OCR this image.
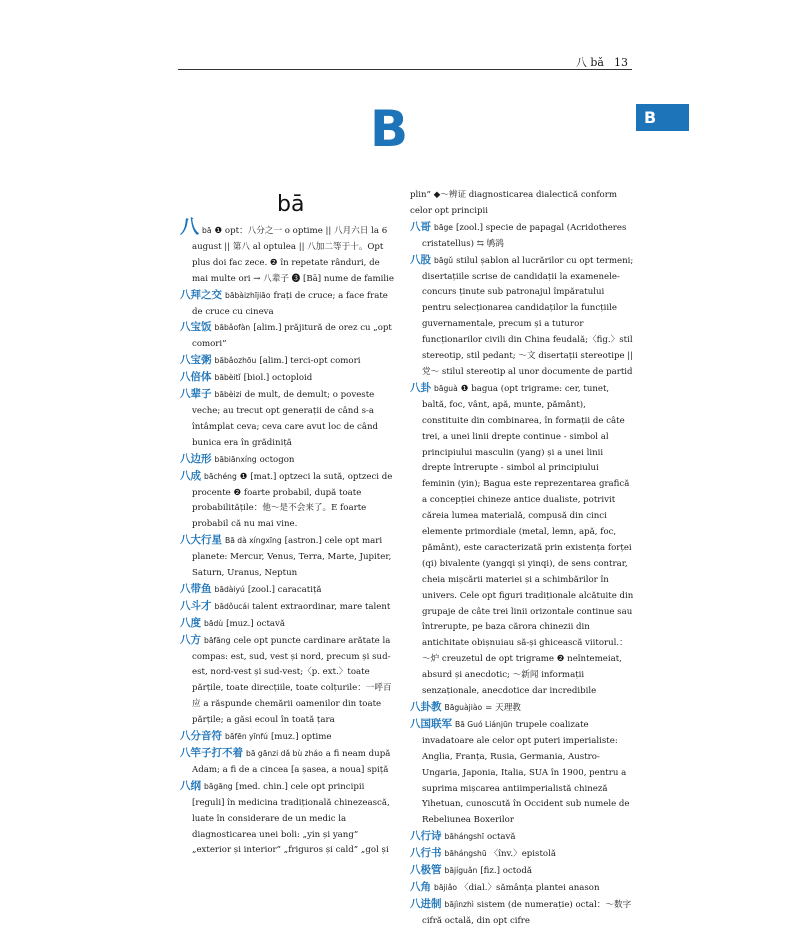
八 bǎ 13
B
B
bā

八bā ❶ opt：八分之一 o optime || 八月六日 la 6 august || 第八 al optulea || 八加二等于十。Opt plus doi fac zece. ❷ în repetate rânduri, de mai multe ori → 八辈子 ❸ [Bā] nume de familie

八拜之交 bābàizhījiāo frați de cruce; a face frate de cruce cu cineva

八宝饭 bābǎofàn [alim.] prăjitură de orez cu „opt comori”

八宝粥 bābǎozhōu [alim.] terci-opt comori

八倍体 bābèitǐ [biol.] octoploid

八辈子 bābèizi de mult, de demult; o poveste veche; au trecut opt generații de când s-a întâmplat ceva; ceva care avut loc de când bunica era în grădiniță

八边形 bābiānxíng octogon

八成 bāchéng ❶ [mat.] optzeci la sută, optzeci de procente ❷ foarte probabil, după toate probabilitățile：他～是不会来了。E foarte probabil că nu mai vine.

八大行星 Bā dà xíngxīng [astron.] cele opt mari planete: Mercur, Venus, Terra, Marte, Jupiter, Saturn, Uranus, Neptun

八带鱼 bādàiyú [zool.] caracatiță

八斗才 bādǒucái talent extraordinar, mare talent

八度 bādù [muz.] octavă

八方 bāfāng cele opt puncte cardinare arătate la compas: est, sud, vest și nord, precum și sud-est, nord-vest și sud-vest;〈p. ext.〉toate părțile, toate direcțiile, toate colțurile：一呼百应 a răspunde chemării oamenilor din toate părțile; a găsi ecoul în toată țara

八分音符 bāfēn yīnfú [muz.] optime

八竿子打不着 bā gānzi dǎ bù zháo a fi neam după Adam; a fi de a cincea [a șasea, a noua] spiță

八纲 bāgāng [med. chin.] cele opt principii [reguli] în medicina tradițională chinezească, luate în considerare de un medic la diagnosticarea unei boli: „yin și yang” „exterior și interior” „friguros și cald” „gol și

plin” ◆～辨证 diagnosticarea dialectică conform celor opt principii

八哥 bāge [zool.] specie de papagal (Acridotheres cristatellus) ⇆ 鸲鹆

八股 bāgǔ stilul șablon al lucrărilor cu opt termeni; disertațiile scrise de candidații la examenele-concurs ținute sub patronajul împăratului pentru selecționarea candidaților la funcțiile guvernamentale, precum și a tuturor funcționarilor civili din China feudală;〈fig.〉stil stereotip, stil pedant; ～文 disertații stereotipe || 党～ stilul stereotip al unor documente de partid

八卦 bāguà ❶ bagua (opt trigrame: cer, tunet, baltă, foc, vânt, apă, munte, pământ), constituite din combinarea, în formații de câte trei, a unei linii drepte continue - simbol al principiului masculin (yang) și a unei linii drepte întrerupte - simbol al principiului feminin (yin); Bagua este reprezentarea grafică a concepției chineze antice dualiste, potrivit căreia lumea materială, compusă din cinci elemente primordiale (metal, lemn, apă, foc, pământ), este caracterizată prin existența forței (qi) bivalente (yangqi și yinqi), de sens contrar, cheia mișcării materiei și a schimbărilor în univers. Cele opt figuri tradiționale alcătuite din grupaje de câte trei linii orizontale continue sau întrerupte, pe baza cărora chinezii din antichitate obișnuiau să-și ghicească viitorul.：～炉 creuzetul de opt trigrame ❷ neîntemeiat, absurd și anecdotic; ～新闻 informații senzaționale, anecdotice dar incredibile

八卦教 Bāguàjiào = 天理教

八国联军 Bā Guó Liánjūn trupele coalizate invadatoare ale celor opt puteri imperialiste: Anglia, Franța, Rusia, Germania, Austro-Ungaria, Japonia, Italia, SUA în 1900, pentru a suprima mișcarea antiimperialistă chineză Yihetuan, cunoscută în Occident sub numele de Rebeliunea Boxerilor

八行诗 bāhángshī octavă

八行书 bāhángshū 〈înv.〉epistolă

八极管 bājíguǎn [fiz.] octodă

八角 bājiǎo 〈dial.〉sămânța plantei anason

八进制 bājìnzhì sistem (de numerație) octal：～数字 cifră octală, din opt cifre
